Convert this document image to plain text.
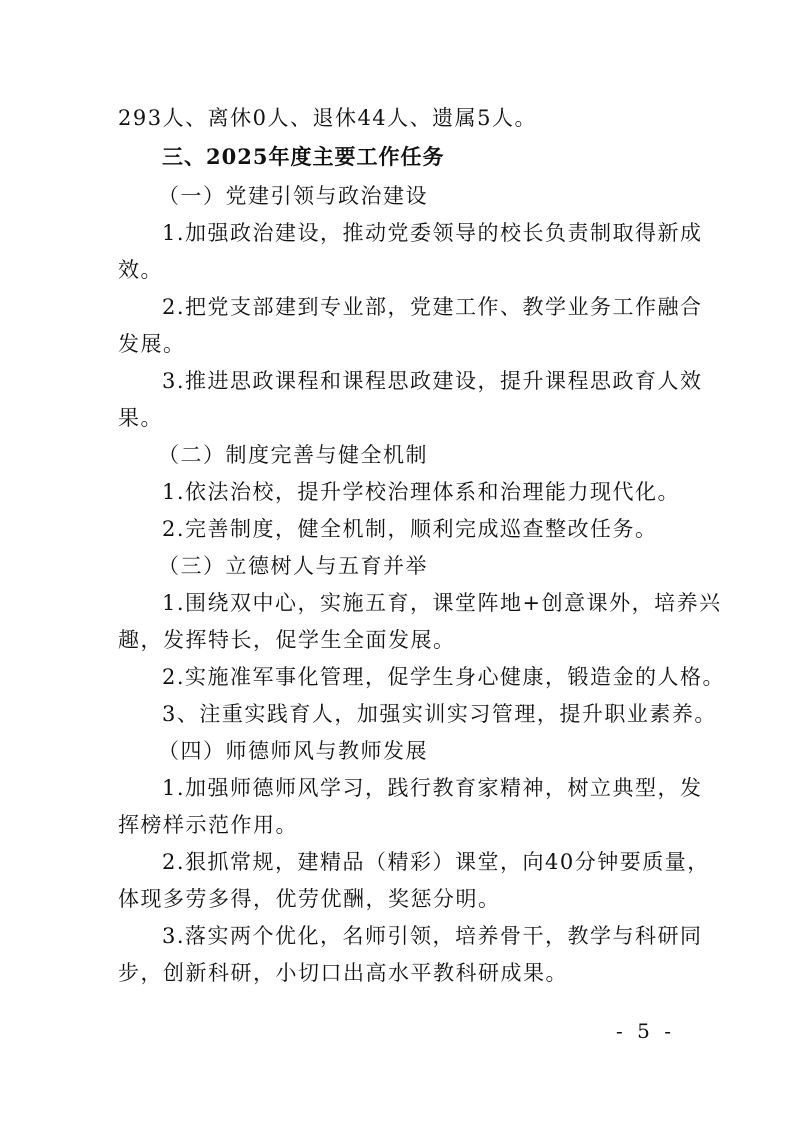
293人、离休0人、退休44人、遗属5人。

三、2025年度主要工作任务

（一）党建引领与政治建设

1.加强政治建设，推动党委领导的校长负责制取得新成

效。

2.把党支部建到专业部，党建工作、教学业务工作融合

发展。

3.推进思政课程和课程思政建设，提升课程思政育人效

果。

（二）制度完善与健全机制

1.依法治校，提升学校治理体系和治理能力现代化。

2.完善制度，健全机制，顺利完成巡查整改任务。

（三）立德树人与五育并举

1.围绕双中心，实施五育，课堂阵地+创意课外，培养兴

趣，发挥特长，促学生全面发展。

2.实施准军事化管理，促学生身心健康，锻造金的人格。

3、注重实践育人，加强实训实习管理，提升职业素养。

（四）师德师风与教师发展

1.加强师德师风学习，践行教育家精神，树立典型，发

挥榜样示范作用。

2.狠抓常规，建精品（精彩）课堂，向40分钟要质量，

体现多劳多得，优劳优酬，奖惩分明。

3.落实两个优化，名师引领，培养骨干，教学与科研同

步，创新科研，小切口出高水平教科研成果。

- 5 -
